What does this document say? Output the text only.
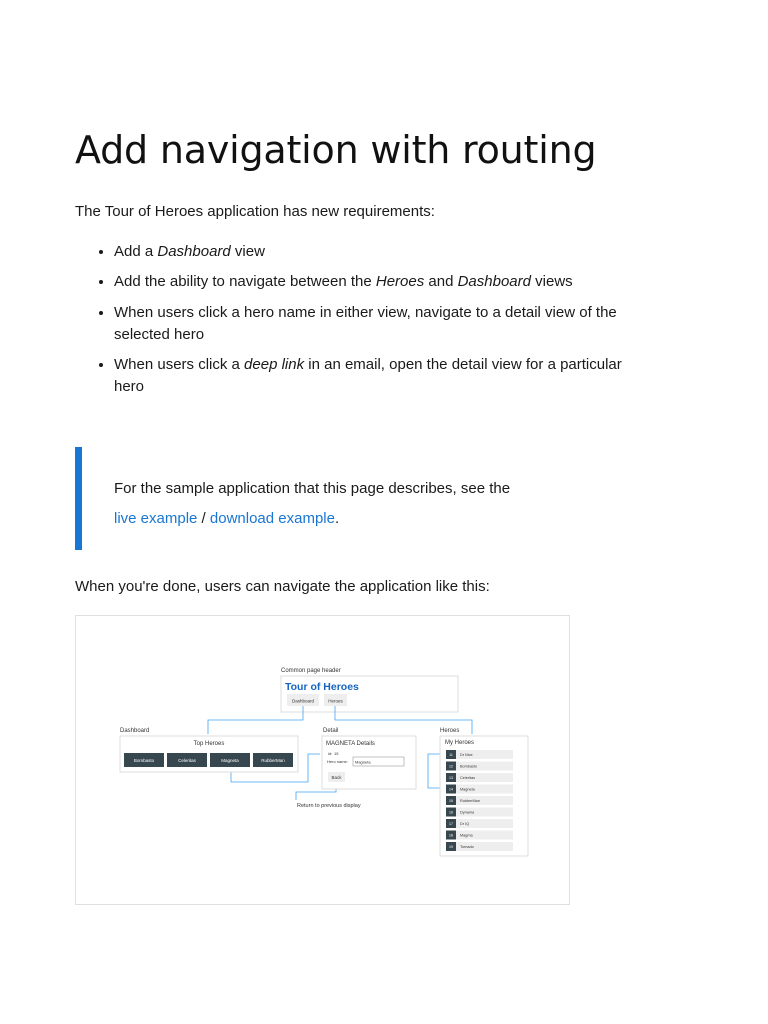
Add navigation with routing

The Tour of Heroes application has new requirements:

• Add a Dashboard view
• Add the ability to navigate between the Heroes and Dashboard views
• When users click a hero name in either view, navigate to a detail view of the selected hero
• When users click a deep link in an email, open the detail view for a particular hero

For the sample application that this page describes, see the
live example / download example.

When you're done, users can navigate the application like this:

Common page header
Tour of Heroes
Dashboard	Heroes
Dashboard
Top Heroes
Bombasto	Celeritas	Magneta	RubberMan
Detail
MAGNETA Details
id: 15
Hero name: Magneta
Back
Return to previous display
Heroes
My Heroes
11 Dr Nice
12 Bombasto
13 Celeritas
14 Magneta
15 RubberMan
16 Dynama
17 Dr IQ
18 Magma
19 Tornado
